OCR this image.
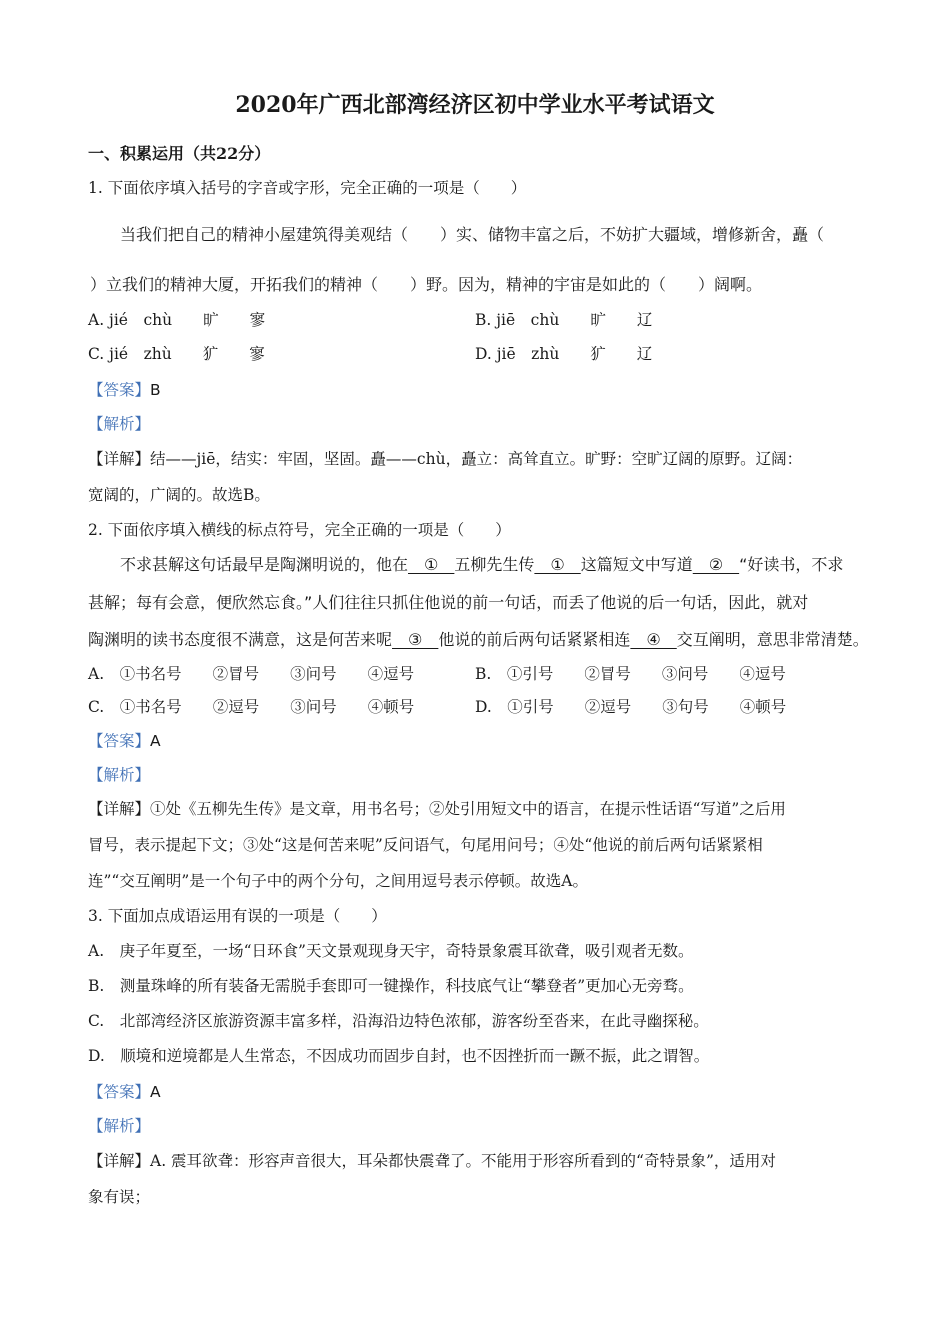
2020年广西北部湾经济区初中学业水平考试语文
一、积累运用（共22分）
1. 下面依序填入括号的字音或字形，完全正确的一项是（　　）
当我们把自己的精神小屋建筑得美观结（　　）实、储物丰富之后，不妨扩大疆域，增修新舍，矗（
）立我们的精神大厦，开拓我们的精神（　　）野。因为，精神的宇宙是如此的（　　）阔啊。
A. jié　chù　　旷　　寥	B. jiē　chù　　旷　　辽
C. jié　zhù　　犷　　寥	D. jiē　zhù　　犷　　辽
【答案】B
【解析】
【详解】结——jiē，结实：牢固，坚固。矗——chù，矗立：高耸直立。旷野：空旷辽阔的原野。辽阔：
宽阔的，广阔的。故选B。
2. 下面依序填入横线的标点符号，完全正确的一项是（　　）
不求甚解这句话最早是陶渊明说的，他在　①　五柳先生传　①　这篇短文中写道　②　“好读书，不求
甚解；每有会意，便欣然忘食。”人们往往只抓住他说的前一句话，而丢了他说的后一句话，因此，就对
陶渊明的读书态度很不满意，这是何苦来呢　③　他说的前后两句话紧紧相连　④　交互阐明，意思非常清楚。
A.　①书名号　　②冒号　　③问号　　④逗号	B.　①引号　　②冒号　　③问号　　④逗号
C.　①书名号　　②逗号　　③问号　　④顿号	D.　①引号　　②逗号　　③句号　　④顿号
【答案】A
【解析】
【详解】①处《五柳先生传》是文章，用书名号；②处引用短文中的语言，在提示性话语“写道”之后用
冒号，表示提起下文；③处“这是何苦来呢”反问语气，句尾用问号；④处“他说的前后两句话紧紧相
连”“交互阐明”是一个句子中的两个分句，之间用逗号表示停顿。故选A。
3. 下面加点成语运用有误的一项是（　　）
A.　庚子年夏至，一场“日环食”天文景观现身天宇，奇特景象震耳欲聋，吸引观者无数。
B.　测量珠峰的所有装备无需脱手套即可一键操作，科技底气让“攀登者”更加心无旁骛。
C.　北部湾经济区旅游资源丰富多样，沿海沿边特色浓郁，游客纷至沓来，在此寻幽探秘。
D.　顺境和逆境都是人生常态，不因成功而固步自封，也不因挫折而一蹶不振，此之谓智。
【答案】A
【解析】
【详解】A. 震耳欲聋：形容声音很大，耳朵都快震聋了。不能用于形容所看到的“奇特景象”，适用对
象有误；
